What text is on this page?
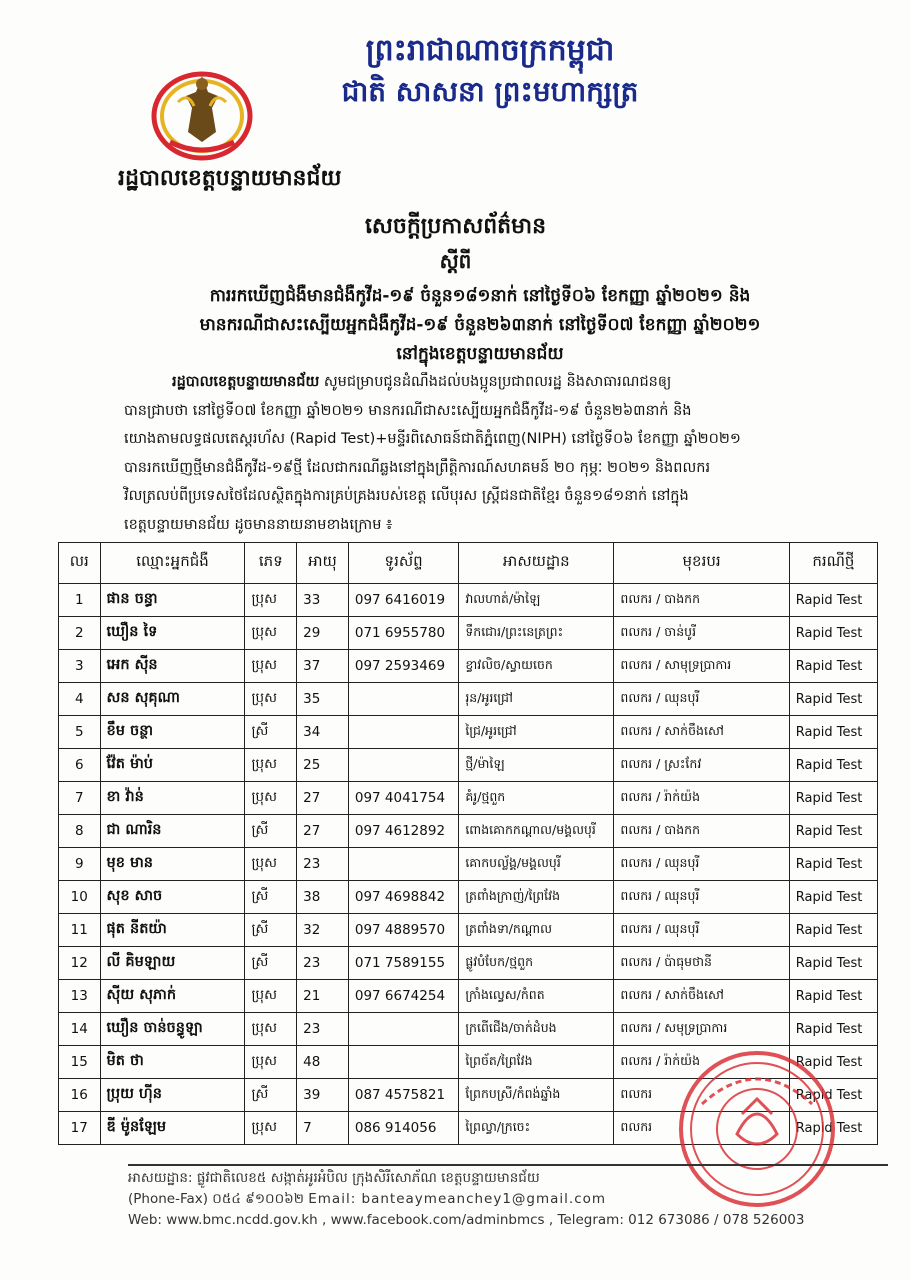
ព្រះរាជាណាចក្រកម្ពុជា
ជាតិ សាសនា ព្រះមហាក្សត្រ
រដ្ឋបាលខេត្តបន្ទាយមានជ័យ
សេចក្ដីប្រកាសព័ត៌មាន
ស្ដីពី
ការរកឃើញជំងឺមានជំងឺកូវីដ-១៩ ចំនួន១៨១នាក់ នៅថ្ងៃទី០៦ ខែកញ្ញា ឆ្នាំ២០២១ និង
មានករណីជាសះស្បើយអ្នកជំងឺកូវីដ-១៩ ចំនួន២៦៣នាក់ នៅថ្ងៃទី០៧ ខែកញ្ញា ឆ្នាំ២០២១
នៅក្នុងខេត្តបន្ទាយមានជ័យ
រដ្ឋបាលខេត្តបន្ទាយមានជ័យ សូមជម្រាបជូនដំណឹងដល់បងប្អូនប្រជាពលរដ្ឋ និងសាធារណជនឲ្យ
បានជ្រាបថា នៅថ្ងៃទី០៧ ខែកញ្ញា ឆ្នាំ២០២១ មានករណីជាសះស្បើយអ្នកជំងឺកូវីដ-១៩ ចំនួន២៦៣នាក់ និង
យោងតាមលទ្ធផលតេស្តរហ័ស (Rapid Test)+មន្ទីរពិសោធន៍ជាតិភ្នំពេញ(NIPH) នៅថ្ងៃទី០៦ ខែកញ្ញា ឆ្នាំ២០២១
បានរកឃើញថ្មីមានជំងឺកូវីដ-១៩ថ្មី ដែលជាករណីឆ្លងនៅក្នុងព្រឹត្តិការណ៍សហគមន៍ ២០ កុម្ភៈ ២០២១ និងពលករ
វិលត្រលប់ពីប្រទេសថៃដែលស្ថិតក្នុងការគ្រប់គ្រងរបស់ខេត្ត លើបុរស ស្ត្រីជនជាតិខ្មែរ ចំនួន១៨១នាក់ នៅក្នុង
ខេត្តបន្ទាយមានជ័យ ដូចមាននាយនាមខាងក្រោម ៖
លរ	ឈ្មោះអ្នកជំងឺ	ភេទ	អាយុ	ទូរស័ព្ទ	អាសយដ្ឋាន	មុខរបរ	ករណីថ្មី
1	ផាន ចន្ធា	ប្រុស	33	097 6416019	វាលហាត់/ម៉ាឡៃ	ពលករ / បាងកក	Rapid Test
2	ឃឿន ទៃ	ប្រុស	29	071 6955780	ទឹកជោរ/ព្រះនេត្រព្រះ	ពលករ / ចាន់បូរី	Rapid Test
3	អេក ស៊ីន	ប្រុស	37	097 2593469	ខ្វាវលិច/ស្វាយចេក	ពលករ / សាមុទ្រប្រាការ	Rapid Test
4	សន សុគុណា	ប្រុស	35		រុន/អូរជ្រៅ	ពលករ / ឈុនបុរី	Rapid Test
5	ខឹម ចន្ថា	ស្រី	34		ជ្រៃ/អូរជ្រៅ	ពលករ / សាក់ចឹងសៅ	Rapid Test
6	វ៉ែត ម៉ាប់	ប្រុស	25		ថ្មី/ម៉ាឡៃ	ពលករ / ស្រះកែវ	Rapid Test
7	ខា វ៉ាន់	ប្រុស	27	097 4041754	គំរូ/ថ្មពួក	ពលករ / រ៉ាក់យ៉ង	Rapid Test
8	ជា ណារិន	ស្រី	27	097 4612892	ពោងគោកកណ្តាល/មង្គលបុរី	ពលករ / បាងកក	Rapid Test
9	មុខ មាន	ប្រុស	23		គោកបល្ល័ង្គ/មង្គលបុរី	ពលករ / ឈុនបុរី	Rapid Test
10	សុខ សាច	ស្រី	38	097 4698842	ត្រពាំងក្រាញ់/ព្រៃវែង	ពលករ / ឈុនបុរី	Rapid Test
11	ផុត នីតយ៉ា	ស្រី	32	097 4889570	ត្រពាំងទា/កណ្ដាល	ពលករ / ឈុនបុរី	Rapid Test
12	លី គិមឡាយ	ស្រី	23	071 7589155	ផ្លូវបំបែក/ថ្មពួក	ពលករ / ប៉ាធុមថានី	Rapid Test
13	ស៊ីយ សុភាក់	ប្រុស	21	097 6674254	ក្រាំងល្វេស/កំពត	ពលករ / សាក់ចឹងសៅ	Rapid Test
14	ឃឿន ចាន់ចន្ធូឡា	ប្រុស	23		ក្រពើជើង/ចាក់ដំបង	ពលករ / សមុទ្រប្រាការ	Rapid Test
15	មិត ថា	ប្រុស	48		ព្រៃច័ត/ព្រៃវែង	ពលករ / រ៉ាក់យ៉ង	Rapid Test
16	ប្រុយ ហ៊ីន	ស្រី	39	087 4575821	ព្រែកបស្រី/កំពង់ឆ្នាំង	ពលករ	Rapid Test
17	ឌី ម៉ូនឡែម	ប្រុស	7	086 914056	ព្រៃល្វា/ក្រចេះ	ពលករ	Rapid Test
អាសយដ្ឋាន: ផ្លូវជាតិលេខ៥ សង្កាត់អូរអំបិល ក្រុងសិរីសោភ័ណ ខេត្តបន្ទាយមានជ័យ
(Phone-Fax) ០៥៤ ៩១០០៦២ Email: banteaymeanchey1@gmail.com
Web: www.bmc.ncdd.gov.kh , www.facebook.com/adminbmcs , Telegram: 012 673086 / 078 526003
